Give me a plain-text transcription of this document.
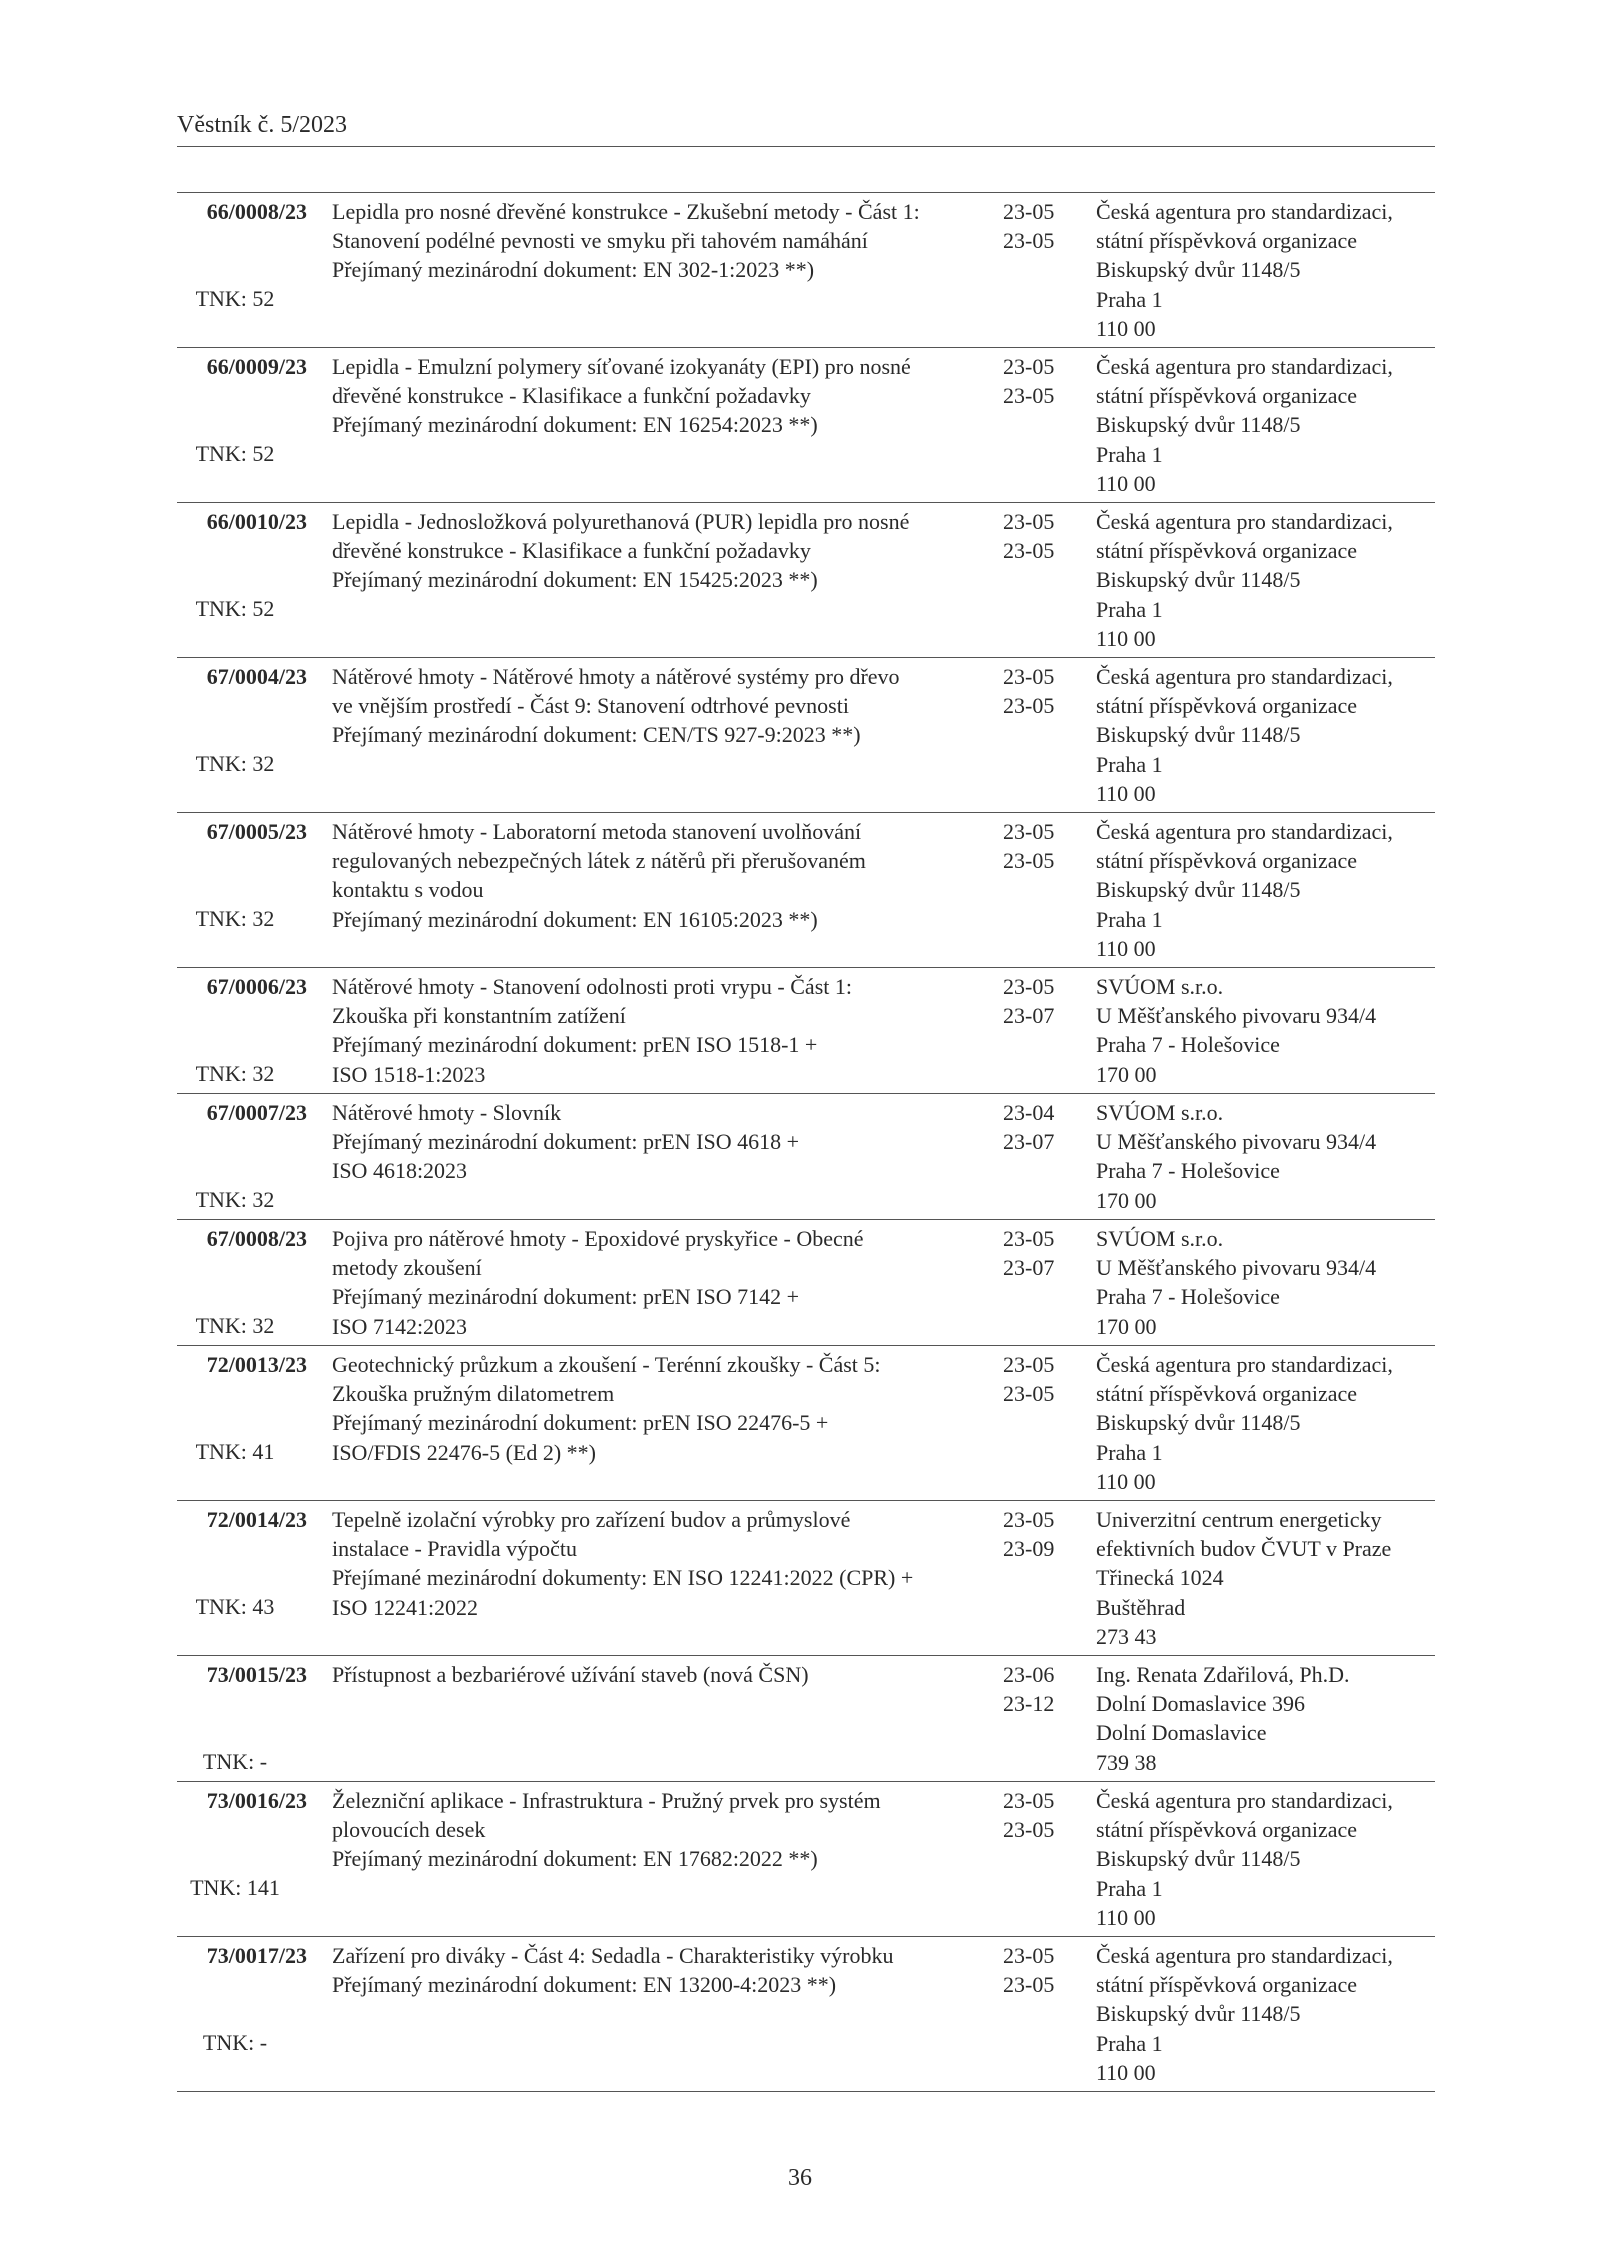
Věstník č. 5/2023
66/0008/23
TNK: 52
Lepidla pro nosné dřevěné konstrukce - Zkušební metody - Část 1:
Stanovení podélné pevnosti ve smyku při tahovém namáhání
Přejímaný mezinárodní dokument: EN 302-1:2023 **)
23-05
23-05
Česká agentura pro standardizaci,
státní příspěvková organizace
Biskupský dvůr 1148/5
Praha 1
110 00
66/0009/23
TNK: 52
Lepidla - Emulzní polymery síťované izokyanáty (EPI) pro nosné
dřevěné konstrukce - Klasifikace a funkční požadavky
Přejímaný mezinárodní dokument: EN 16254:2023 **)
23-05
23-05
Česká agentura pro standardizaci,
státní příspěvková organizace
Biskupský dvůr 1148/5
Praha 1
110 00
66/0010/23
TNK: 52
Lepidla - Jednosložková polyurethanová (PUR) lepidla pro nosné
dřevěné konstrukce - Klasifikace a funkční požadavky
Přejímaný mezinárodní dokument: EN 15425:2023 **)
23-05
23-05
Česká agentura pro standardizaci,
státní příspěvková organizace
Biskupský dvůr 1148/5
Praha 1
110 00
67/0004/23
TNK: 32
Nátěrové hmoty - Nátěrové hmoty a nátěrové systémy pro dřevo
ve vnějším prostředí - Část 9: Stanovení odtrhové pevnosti
Přejímaný mezinárodní dokument: CEN/TS 927-9:2023 **)
23-05
23-05
Česká agentura pro standardizaci,
státní příspěvková organizace
Biskupský dvůr 1148/5
Praha 1
110 00
67/0005/23
TNK: 32
Nátěrové hmoty - Laboratorní metoda stanovení uvolňování
regulovaných nebezpečných látek z nátěrů při přerušovaném
kontaktu s vodou
Přejímaný mezinárodní dokument: EN 16105:2023 **)
23-05
23-05
Česká agentura pro standardizaci,
státní příspěvková organizace
Biskupský dvůr 1148/5
Praha 1
110 00
67/0006/23
TNK: 32
Nátěrové hmoty - Stanovení odolnosti proti vrypu - Část 1:
Zkouška při konstantním zatížení
Přejímaný mezinárodní dokument: prEN ISO 1518-1 +
ISO 1518-1:2023
23-05
23-07
SVÚOM s.r.o.
U Měšťanského pivovaru 934/4
Praha 7 - Holešovice
170 00
67/0007/23
TNK: 32
Nátěrové hmoty - Slovník
Přejímaný mezinárodní dokument: prEN ISO 4618 +
ISO 4618:2023
23-04
23-07
SVÚOM s.r.o.
U Měšťanského pivovaru 934/4
Praha 7 - Holešovice
170 00
67/0008/23
TNK: 32
Pojiva pro nátěrové hmoty - Epoxidové pryskyřice - Obecné
metody zkoušení
Přejímaný mezinárodní dokument: prEN ISO 7142 +
ISO 7142:2023
23-05
23-07
SVÚOM s.r.o.
U Měšťanského pivovaru 934/4
Praha 7 - Holešovice
170 00
72/0013/23
TNK: 41
Geotechnický průzkum a zkoušení - Terénní zkoušky - Část 5:
Zkouška pružným dilatometrem
Přejímaný mezinárodní dokument: prEN ISO 22476-5 +
ISO/FDIS 22476-5 (Ed 2) **)
23-05
23-05
Česká agentura pro standardizaci,
státní příspěvková organizace
Biskupský dvůr 1148/5
Praha 1
110 00
72/0014/23
TNK: 43
Tepelně izolační výrobky pro zařízení budov a průmyslové
instalace - Pravidla výpočtu
Přejímané mezinárodní dokumenty: EN ISO 12241:2022 (CPR) +
ISO 12241:2022
23-05
23-09
Univerzitní centrum energeticky
efektivních budov ČVUT v Praze
Třinecká 1024
Buštěhrad
273 43
73/0015/23
TNK: -
Přístupnost a bezbariérové užívání staveb (nová ČSN)	23-06
23-12
Ing. Renata Zdařilová, Ph.D.
Dolní Domaslavice 396
Dolní Domaslavice
739 38
73/0016/23
TNK: 141
Železniční aplikace - Infrastruktura - Pružný prvek pro systém
plovoucích desek
Přejímaný mezinárodní dokument: EN 17682:2022 **)
23-05
23-05
Česká agentura pro standardizaci,
státní příspěvková organizace
Biskupský dvůr 1148/5
Praha 1
110 00
73/0017/23
TNK: -
Zařízení pro diváky - Část 4: Sedadla - Charakteristiky výrobku
Přejímaný mezinárodní dokument: EN 13200-4:2023 **)
23-05
23-05
Česká agentura pro standardizaci,
státní příspěvková organizace
Biskupský dvůr 1148/5
Praha 1
110 00
36
